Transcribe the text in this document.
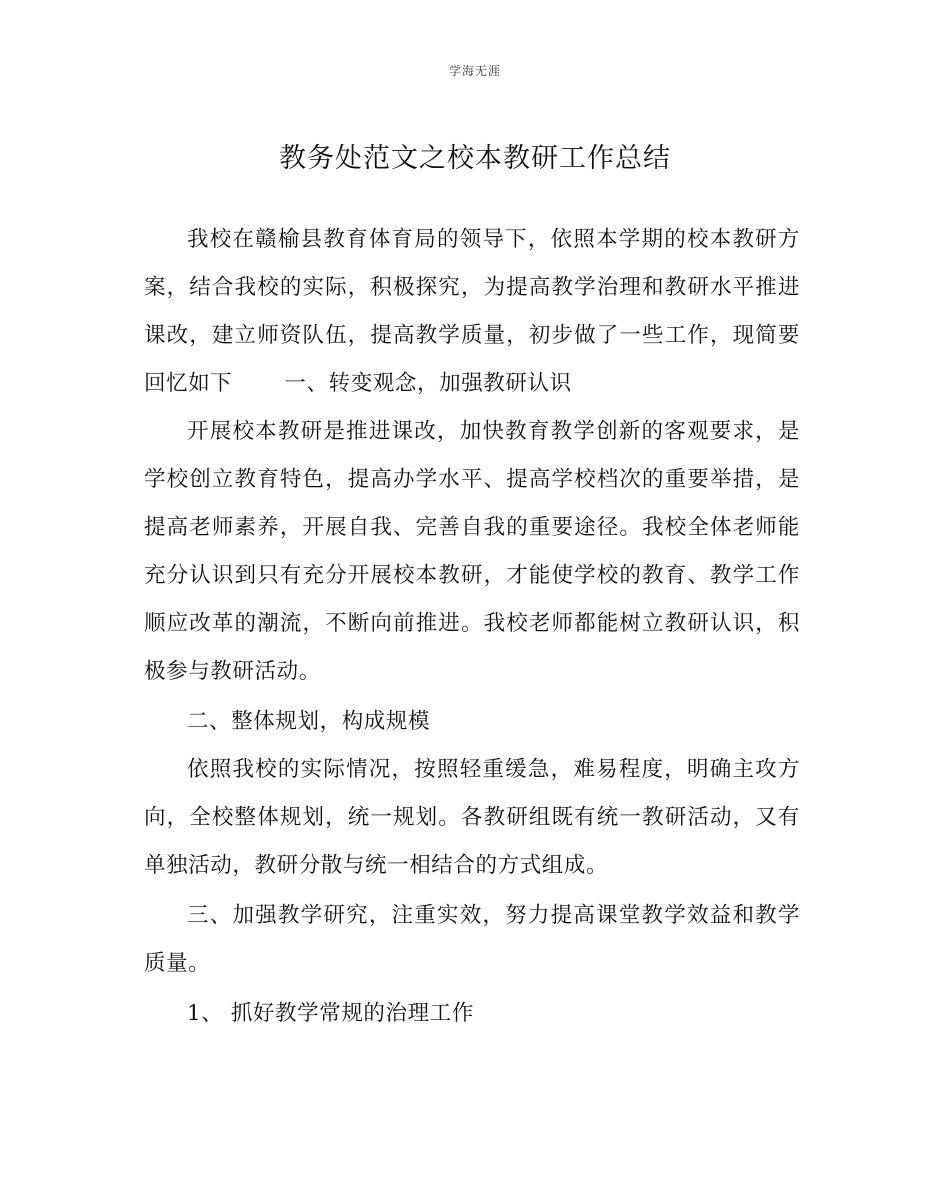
学海无涯
教务处范文之校本教研工作总结

我校在赣榆县教育体育局的领导下，依照本学期的校本教研方案，结合我校的实际，积极探究，为提高教学治理和教研水平推进课改，建立师资队伍，提高教学质量，初步做了一些工作，现简要回忆如下 一、转变观念，加强教研认识

开展校本教研是推进课改，加快教育教学创新的客观要求，是学校创立教育特色，提高办学水平、提高学校档次的重要举措，是提高老师素养，开展自我、完善自我的重要途径。我校全体老师能充分认识到只有充分开展校本教研，才能使学校的教育、教学工作顺应改革的潮流，不断向前推进。我校老师都能树立教研认识，积极参与教研活动。

二、整体规划，构成规模

依照我校的实际情况，按照轻重缓急，难易程度，明确主攻方向，全校整体规划，统一规划。各教研组既有统一教研活动，又有单独活动，教研分散与统一相结合的方式组成。

三、加强教学研究，注重实效，努力提高课堂教学效益和教学质量。

1、 抓好教学常规的治理工作
